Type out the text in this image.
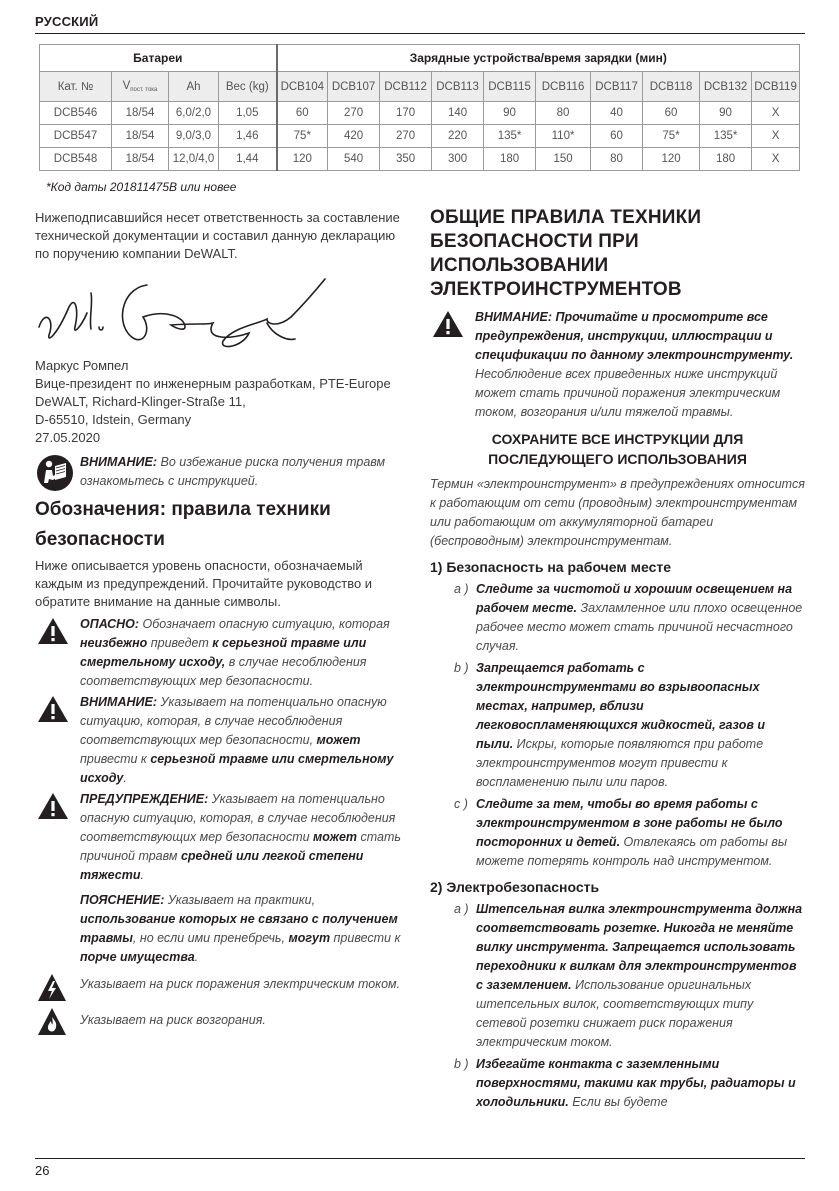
РУССКИЙ
Батареи				Зарядные устройства/время зарядки (мин)									
Кат. №	$V_{пост. тока}$	Ah	Вес (kg)	DCB104	DCB107	DCB112	DCB113	DCB115	DCB116	DCB117	DCB118	DCB132	DCB119
DCB546	18/54	6,0/2,0	1,05	60	270	170	140	90	80	40	60	90	X
DCB547	18/54	9,0/3,0	1,46	75*	420	270	220	135*	110*	60	75*	135*	X
DCB548	18/54	12,0/4,0	1,44	120	540	350	300	180	150	80	120	180	X
*Код даты 201811475B или новее

Нижеподписавшийся несет ответственность за составление технической документации и составил данную декларацию по поручению компании DeWALT.

Маркус Ромпел

Вице-президент по инженерным разработкам, PTE-Europe

DeWALT, Richard-Klinger-Straße 11,

D-65510, Idstein, Germany

27.05.2020

ВНИМАНИЕ: Во избежание риска получения травм ознакомьтесь с инструкцией.

Обозначения: правила техники безопасности

Ниже описывается уровень опасности, обозначаемый каждым из предупреждений. Прочитайте руководство и обратите внимание на данные символы.

ОПАСНО: Обозначает опасную ситуацию, которая неизбежно приведет к серьезной травме или смертельному исходу, в случае несоблюдения соответствующих мер безопасности.

ВНИМАНИЕ: Указывает на потенциально опасную ситуацию, которая, в случае несоблюдения соответствующих мер безопасности, может привести к серьезной травме или смертельному исходу.

ПРЕДУПРЕЖДЕНИЕ: Указывает на потенциально опасную ситуацию, которая, в случае несоблюдения соответствующих мер безопасности может стать причиной травм средней или легкой степени тяжести.

ПОЯСНЕНИЕ: Указывает на практики, использование которых не связано с получением травмы, но если ими пренебречь, могут привести к порче имущества.

Указывает на риск поражения электрическим током.

Указывает на риск возгорания.

ОБЩИЕ ПРАВИЛА ТЕХНИКИ БЕЗОПАСНОСТИ ПРИ ИСПОЛЬЗОВАНИИ ЭЛЕКТРОИНСТРУМЕНТОВ

ВНИМАНИЕ: Прочитайте и просмотрите все предупреждения, инструкции, иллюстрации и спецификации по данному электроинструменту. Несоблюдение всех приведенных ниже инструкций может стать причиной поражения электрическим током, возгорания и/или тяжелой травмы.

СОХРАНИТЕ ВСЕ ИНСТРУКЦИИ ДЛЯ ПОСЛЕДУЮЩЕГО ИСПОЛЬЗОВАНИЯ

Термин «электроинструмент» в предупреждениях относится к работающим от сети (проводным) электроинструментам или работающим от аккумуляторной батареи (беспроводным) электроинструментам.

1) Безопасность на рабочем месте
a ) Следите за чистотой и хорошим освещением на рабочем месте. Захламленное или плохо освещенное рабочее место может стать причиной несчастного случая.

b ) Запрещается работать с электроинструментами во взрывоопасных местах, например, вблизи легковоспламеняющихся жидкостей, газов и пыли. Искры, которые появляются при работе электроинструментов могут привести к воспламенению пыли или паров.

c ) Следите за тем, чтобы во время работы с электроинструментом в зоне работы не было посторонних и детей. Отвлекаясь от работы вы можете потерять контроль над инструментом.

2) Электробезопасность
a ) Штепсельная вилка электроинструмента должна соответствовать розетке. Никогда не меняйте вилку инструмента. Запрещается использовать переходники к вилкам для электроинструментов с заземлением. Использование оригинальных штепсельных вилок, соответствующих типу сетевой розетки снижает риск поражения электрическим током.

b ) Избегайте контакта с заземленными поверхностями, такими как трубы, радиаторы и холодильники. Если вы будете

26
